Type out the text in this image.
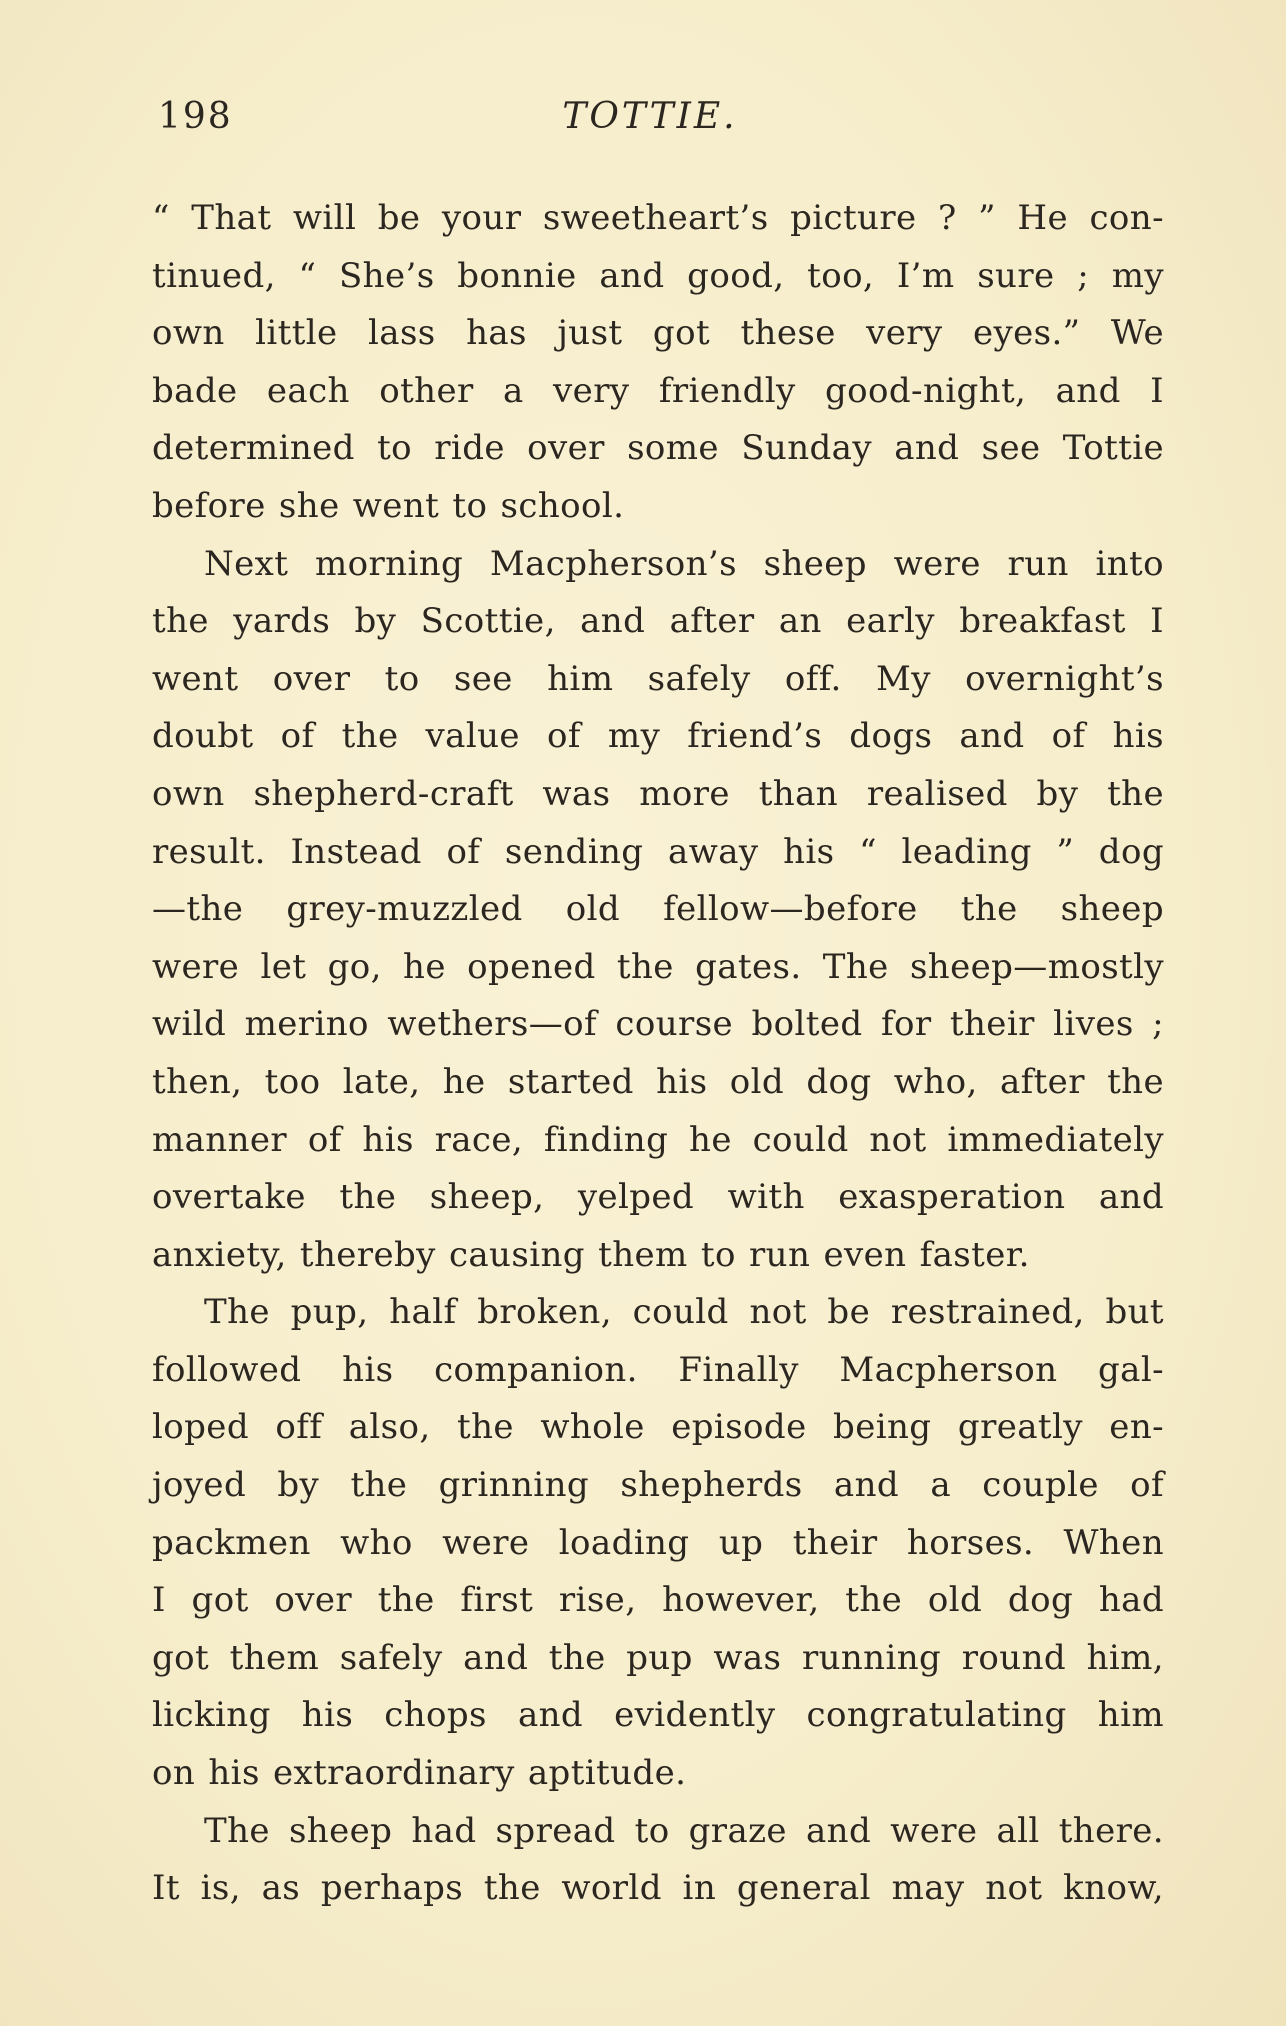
198	TOTTIE.
“ That will be your sweetheart’s picture ? ” He con-
tinued, “ She’s bonnie and good, too, I’m sure ; my
own little lass has just got these very eyes.” We
bade each other a very friendly good-night, and I
determined to ride over some Sunday and see Tottie
before she went to school.
Next morning Macpherson’s sheep were run into
the yards by Scottie, and after an early breakfast I
went over to see him safely off. My overnight’s
doubt of the value of my friend’s dogs and of his
own shepherd-craft was more than realised by the
result. Instead of sending away his “ leading ” dog
—the grey-muzzled old fellow—before the sheep
were let go, he opened the gates. The sheep—mostly
wild merino wethers—of course bolted for their lives ;
then, too late, he started his old dog who, after the
manner of his race, finding he could not immediately
overtake the sheep, yelped with exasperation and
anxiety, thereby causing them to run even faster.
The pup, half broken, could not be restrained, but
followed his companion. Finally Macpherson gal-
loped off also, the whole episode being greatly en-
joyed by the grinning shepherds and a couple of
packmen who were loading up their horses. When
I got over the first rise, however, the old dog had
got them safely and the pup was running round him,
licking his chops and evidently congratulating him
on his extraordinary aptitude.
The sheep had spread to graze and were all there.
It is, as perhaps the world in general may not know,
